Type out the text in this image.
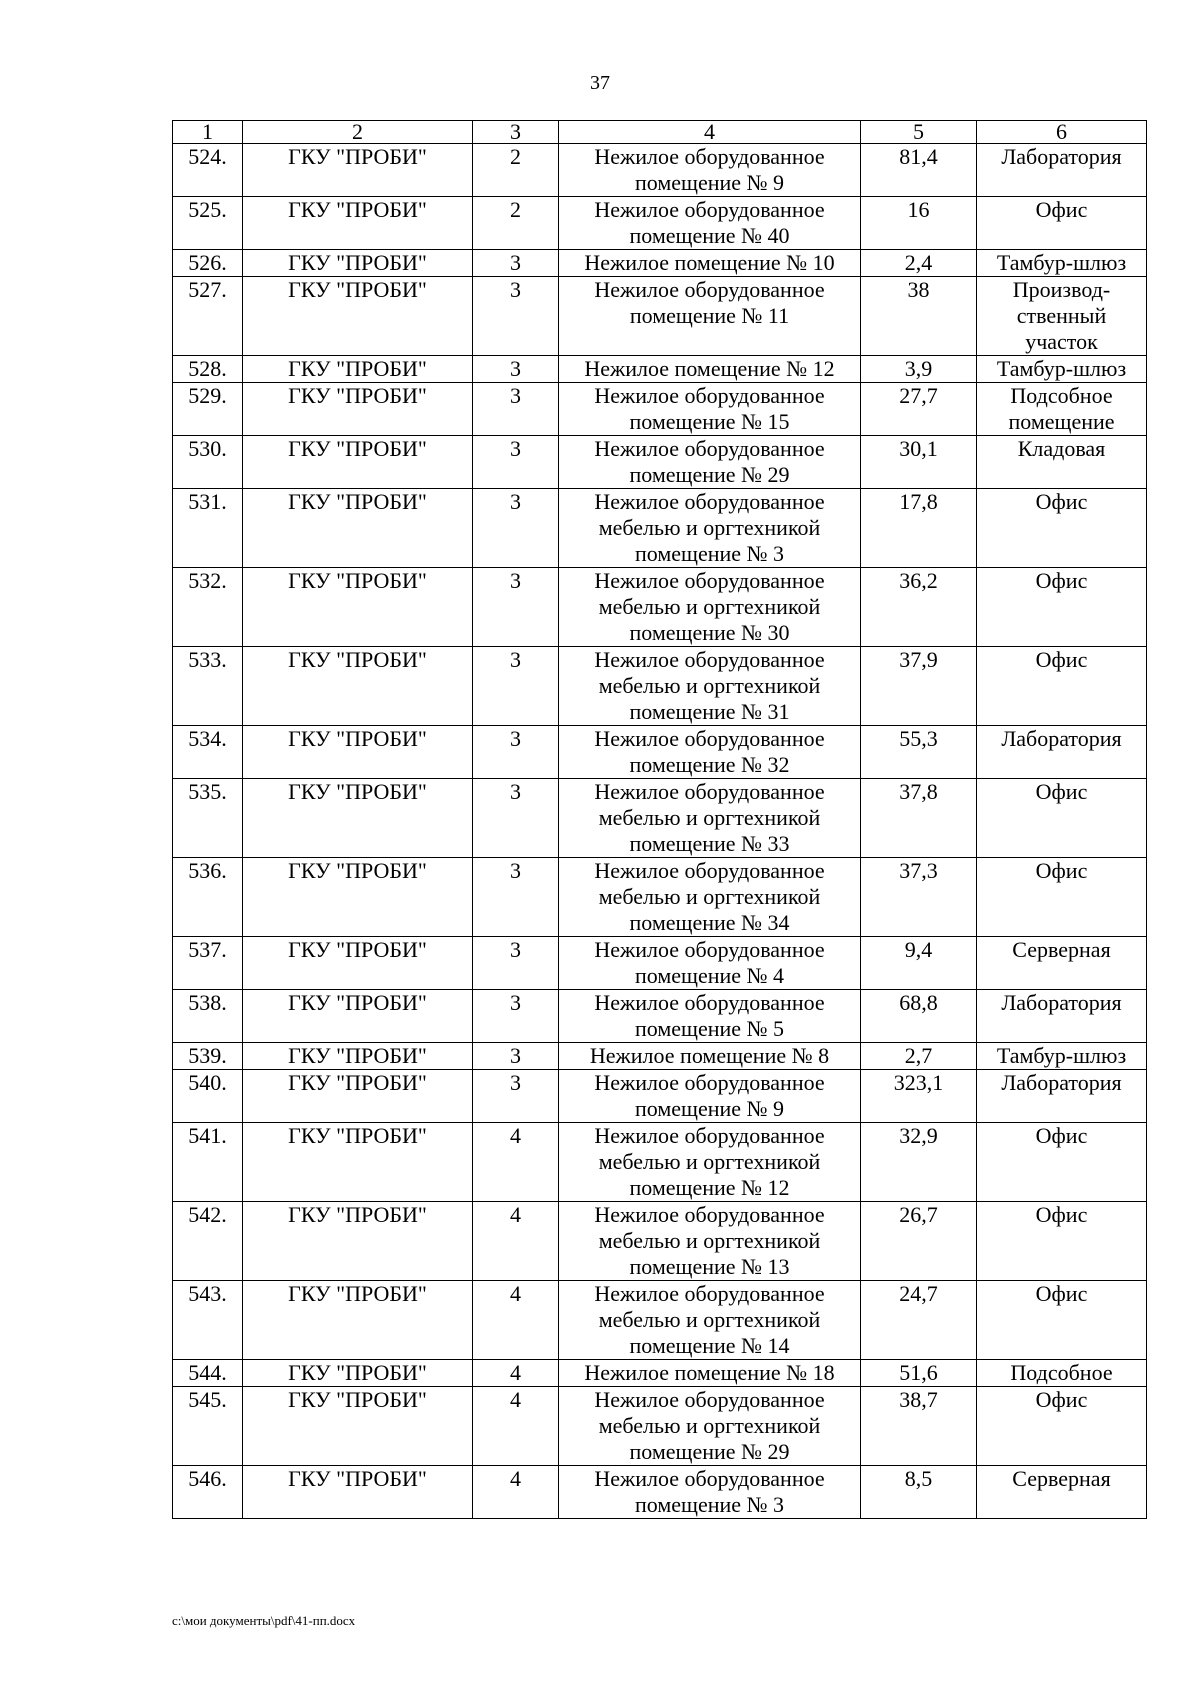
37
1	2	3	4	5	6
524.	ГКУ "ПРОБИ"	2	Нежилое оборудованное помещение № 9	81,4	Лаборатория
525.	ГКУ "ПРОБИ"	2	Нежилое оборудованное помещение № 40	16	Офис
526.	ГКУ "ПРОБИ"	3	Нежилое помещение № 10	2,4	Тамбур-шлюз
527.	ГКУ "ПРОБИ"	3	Нежилое оборудованное помещение № 11	38	Производ-ственный участок
528.	ГКУ "ПРОБИ"	3	Нежилое помещение № 12	3,9	Тамбур-шлюз
529.	ГКУ "ПРОБИ"	3	Нежилое оборудованное помещение № 15	27,7	Подсобное помещение
530.	ГКУ "ПРОБИ"	3	Нежилое оборудованное помещение № 29	30,1	Кладовая
531.	ГКУ "ПРОБИ"	3	Нежилое оборудованное мебелью и оргтехникой помещение № 3	17,8	Офис
532.	ГКУ "ПРОБИ"	3	Нежилое оборудованное мебелью и оргтехникой помещение № 30	36,2	Офис
533.	ГКУ "ПРОБИ"	3	Нежилое оборудованное мебелью и оргтехникой помещение № 31	37,9	Офис
534.	ГКУ "ПРОБИ"	3	Нежилое оборудованное помещение № 32	55,3	Лаборатория
535.	ГКУ "ПРОБИ"	3	Нежилое оборудованное мебелью и оргтехникой помещение № 33	37,8	Офис
536.	ГКУ "ПРОБИ"	3	Нежилое оборудованное мебелью и оргтехникой помещение № 34	37,3	Офис
537.	ГКУ "ПРОБИ"	3	Нежилое оборудованное помещение № 4	9,4	Серверная
538.	ГКУ "ПРОБИ"	3	Нежилое оборудованное помещение № 5	68,8	Лаборатория
539.	ГКУ "ПРОБИ"	3	Нежилое помещение № 8	2,7	Тамбур-шлюз
540.	ГКУ "ПРОБИ"	3	Нежилое оборудованное помещение № 9	323,1	Лаборатория
541.	ГКУ "ПРОБИ"	4	Нежилое оборудованное мебелью и оргтехникой помещение № 12	32,9	Офис
542.	ГКУ "ПРОБИ"	4	Нежилое оборудованное мебелью и оргтехникой помещение № 13	26,7	Офис
543.	ГКУ "ПРОБИ"	4	Нежилое оборудованное мебелью и оргтехникой помещение № 14	24,7	Офис
544.	ГКУ "ПРОБИ"	4	Нежилое помещение № 18	51,6	Подсобное
545.	ГКУ "ПРОБИ"	4	Нежилое оборудованное мебелью и оргтехникой помещение № 29	38,7	Офис
546.	ГКУ "ПРОБИ"	4	Нежилое оборудованное помещение № 3	8,5	Серверная
c:\мои документы\pdf\41-пп.docx
